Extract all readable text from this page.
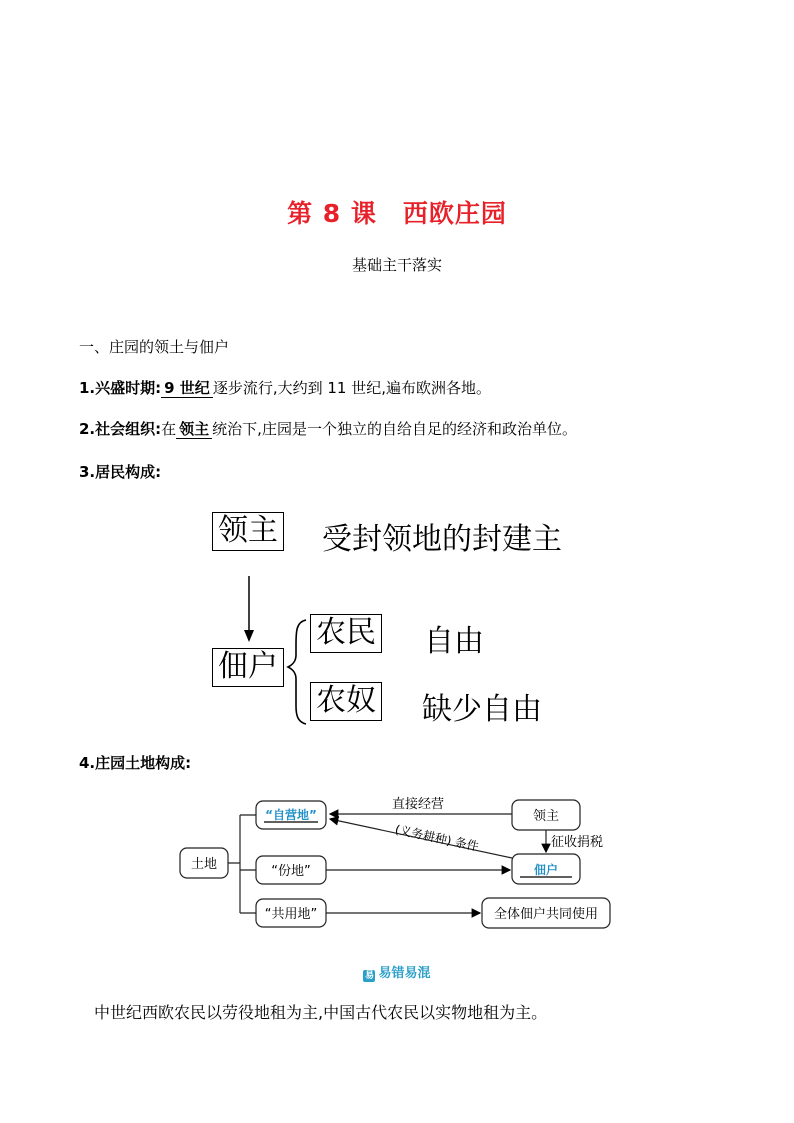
第 8 课 西欧庄园
基础主干落实
一、庄园的领土与佃户
1.兴盛时期: 9 世纪 逐步流行,大约到 11 世纪,遍布欧洲各地。
2.社会组织:在 领主 统治下,庄园是一个独立的自给自足的经济和政治单位。
3.居民构成:
领主 受封领地的封建主
佃户
农民 自由
农奴 缺少自由
4.庄园土地构成:
土地
“自营地”
“份地”
“共用地”
领主
佃户
全体佃户共同使用
直接经营
(义务耕种) 条件	征收捐税
易 易错易混
中世纪西欧农民以劳役地租为主,中国古代农民以实物地租为主。
